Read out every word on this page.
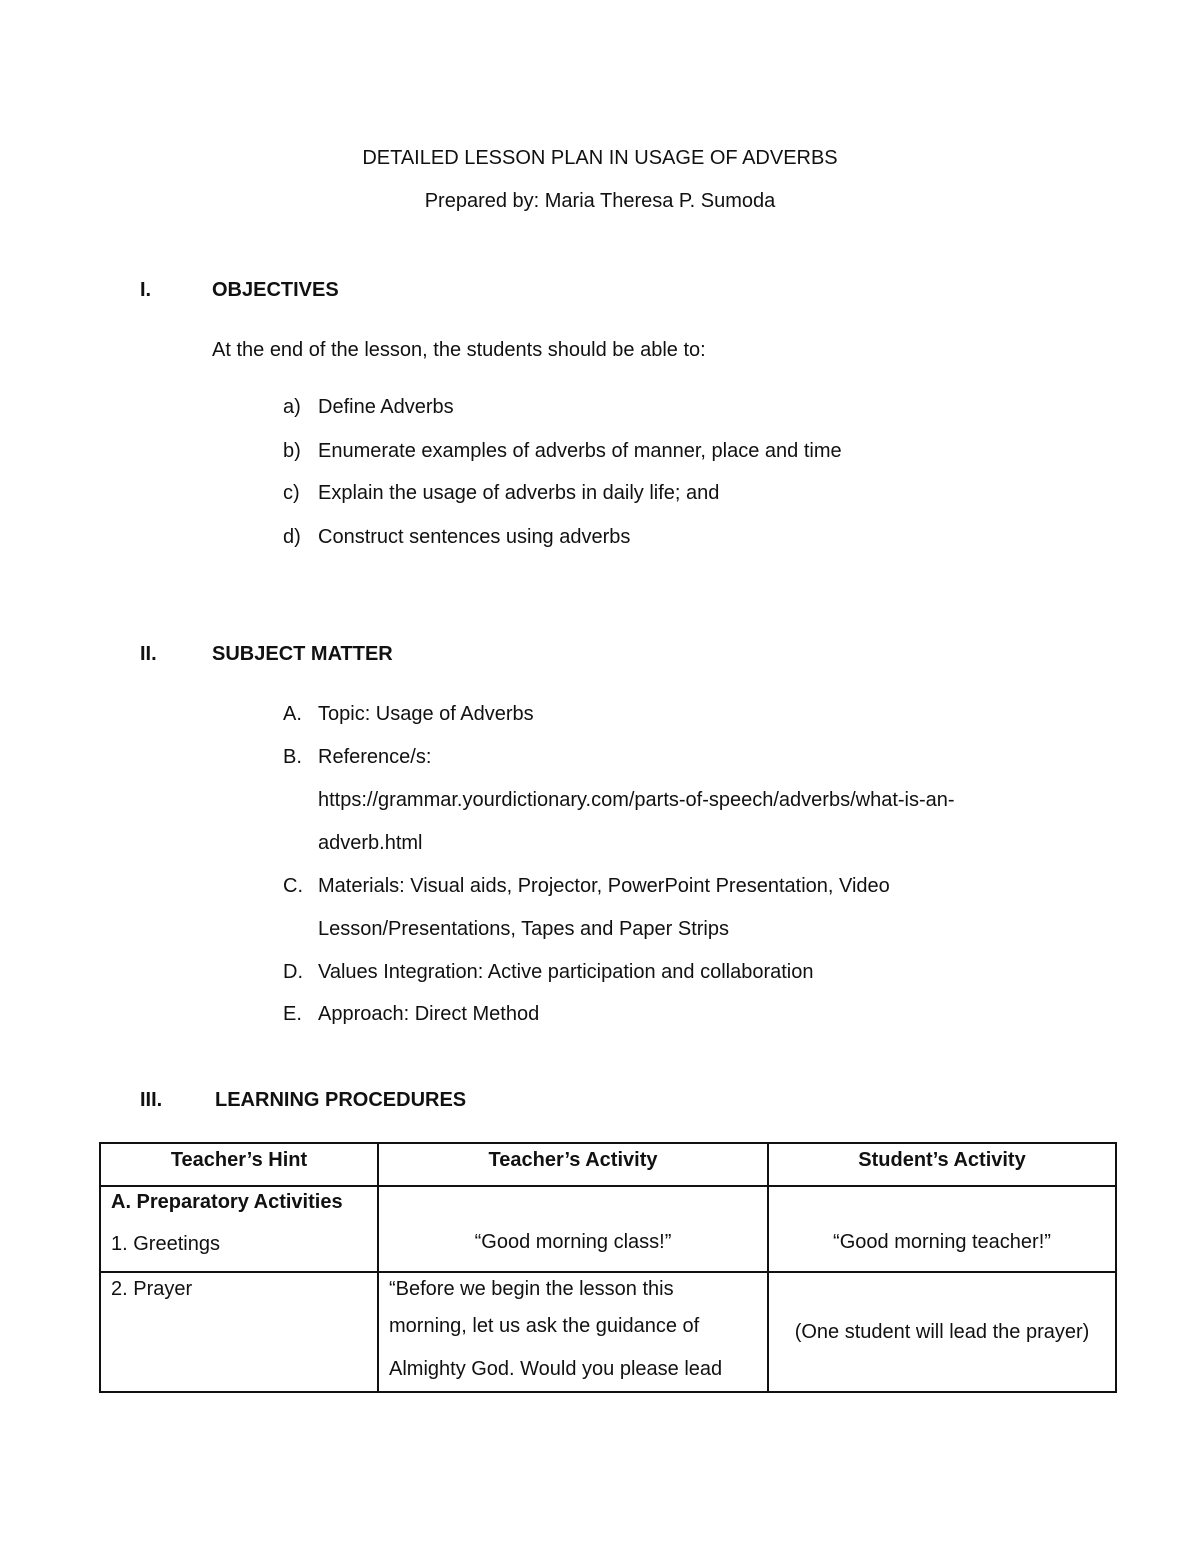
DETAILED LESSON PLAN IN USAGE OF ADVERBS
Prepared by: Maria Theresa P. Sumoda
I.	OBJECTIVES
At the end of the lesson, the students should be able to:
a) Define Adverbs
b) Enumerate examples of adverbs of manner, place and time
c) Explain the usage of adverbs in daily life; and
d) Construct sentences using adverbs
II.	SUBJECT MATTER
A. Topic: Usage of Adverbs
B. Reference/s:
https://grammar.yourdictionary.com/parts-of-speech/adverbs/what-is-an-
adverb.html
C. Materials: Visual aids, Projector, PowerPoint Presentation, Video
Lesson/Presentations, Tapes and Paper Strips
D. Values Integration: Active participation and collaboration
E. Approach: Direct Method
III.	LEARNING PROCEDURES
Teacher’s Hint	Teacher’s Activity	Student’s Activity

A. Preparatory Activities
1. Greetings	“Good morning class!”	“Good morning teacher!”

2. Prayer	“Before we begin the lesson this
morning, let us ask the guidance of
Almighty God. Would you please lead	(One student will lead the prayer)
